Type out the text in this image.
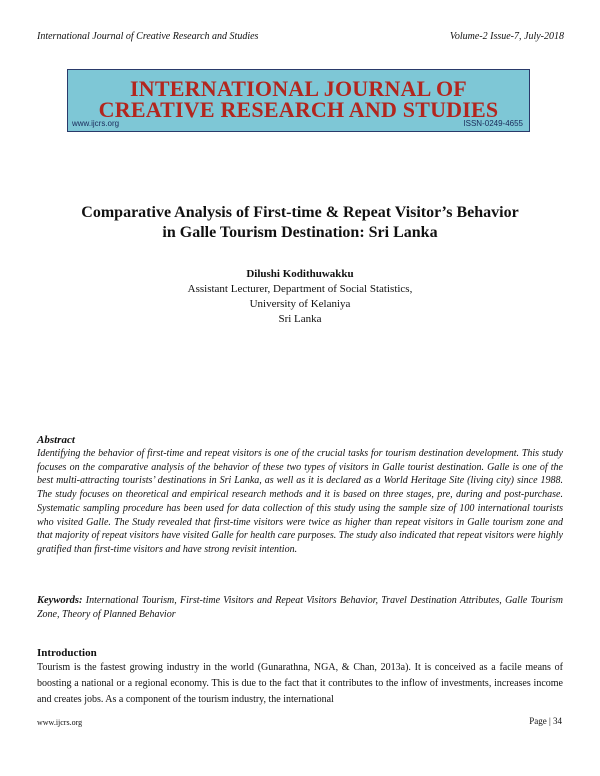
International Journal of Creative Research and Studies	Volume-2 Issue-7, July-2018
INTERNATIONAL JOURNAL OF
CREATIVE RESEARCH AND STUDIES
www.ijcrs.org	ISSN-0249-4655
Comparative Analysis of First-time & Repeat Visitor’s Behavior
in Galle Tourism Destination: Sri Lanka
Dilushi Kodithuwakku
Assistant Lecturer, Department of Social Statistics,
University of Kelaniya
Sri Lanka
Abstract
Identifying the behavior of first-time and repeat visitors is one of the crucial tasks for tourism destination development. This study focuses on the comparative analysis of the behavior of these two types of visitors in Galle tourist destination. Galle is one of the best multi-attracting tourists’ destinations in Sri Lanka, as well as it is declared as a World Heritage Site (living city) since 1988. The study focuses on theoretical and empirical research methods and it is based on three stages, pre, during and post-purchase. Systematic sampling procedure has been used for data collection of this study using the sample size of 100 international tourists who visited Galle. The Study revealed that first-time visitors were twice as higher than repeat visitors in Galle tourism zone and that majority of repeat visitors have visited Galle for health care purposes. The study also indicated that repeat visitors were highly gratified than first-time visitors and have strong revisit intention.
Keywords: International Tourism, First-time Visitors and Repeat Visitors Behavior, Travel Destination Attributes, Galle Tourism Zone, Theory of Planned Behavior
Introduction
Tourism is the fastest growing industry in the world (Gunarathna, NGA, & Chan, 2013a). It is conceived as a facile means of boosting a national or a regional economy. This is due to the fact that it contributes to the inflow of investments, increases income and creates jobs. As a component of the tourism industry, the international
www.ijcrs.org	Page | 34
